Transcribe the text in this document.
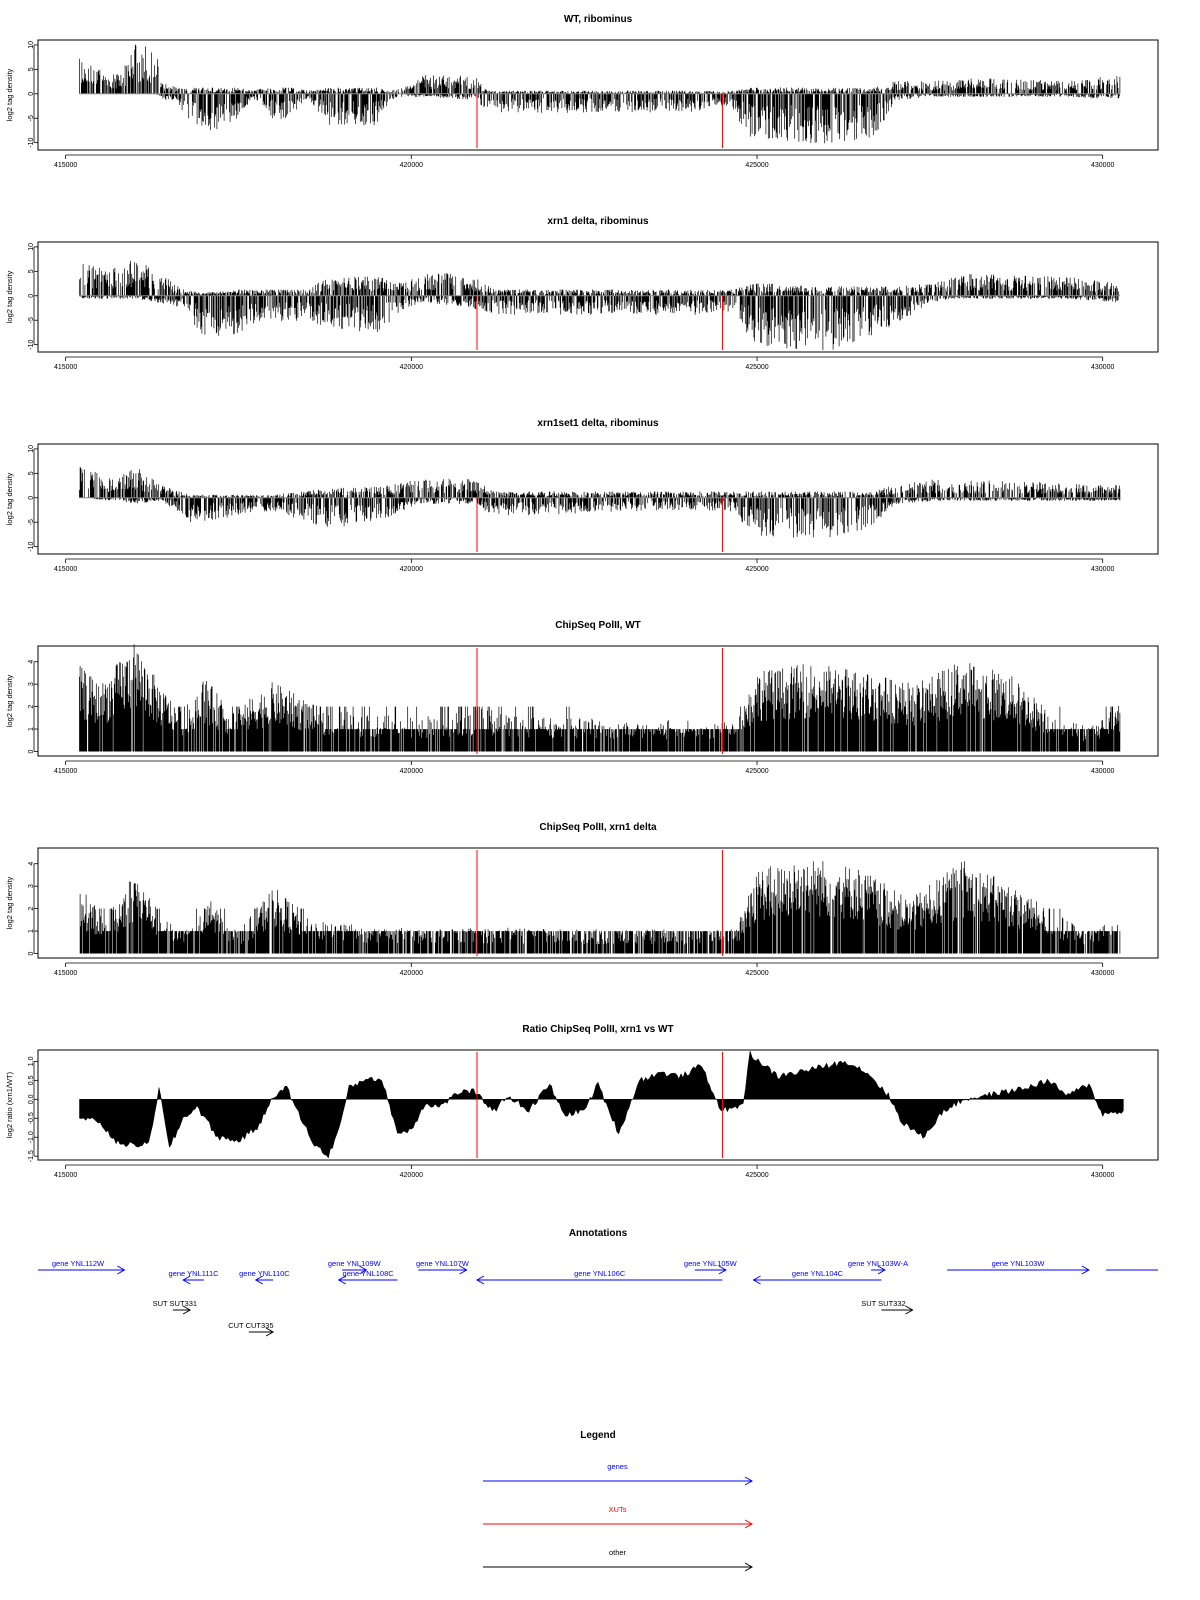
WT, ribominus
10
5
0
-5
-10
log2 tag density
415000	420000	425000	430000
xrn1 delta, ribominus
10
5
0
-5
-10
log2 tag density
415000	420000	425000	430000
xrn1set1 delta, ribominus
10
5
0
-5
-10
log2 tag density
415000	420000	425000	430000
ChipSeq PolII, WT
4
3
2
1
0
log2 tag density
415000	420000	425000	430000
ChipSeq PolII, xrn1 delta
4
3
2
1
0
log2 tag density
415000	420000	425000	430000
Ratio ChipSeq PolII, xrn1 vs WT
1.0
0.5
0.0
-0.5
-1.0
-1.5
log2 ratio (xrn1/WT)
415000	420000	425000	430000
Annotations
gene YNL112W
gene YNL111C	gene YNL110C
gene YNL109W
gene YNL108C
gene YNL107W
gene YNL106C
gene YNL105W
gene YNL104C
gene YNL103W-A	gene YNL103W
SUT SUT331
CUT CUT335
SUT SUT332
Legend
genes
XUTs
other
